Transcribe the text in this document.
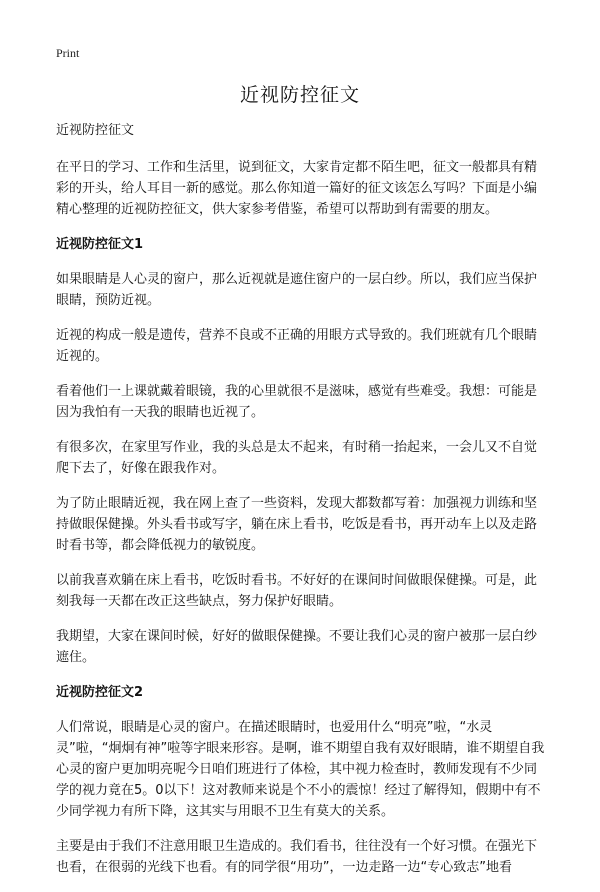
Print
近视防控征文
近视防控征文

在平日的学习、工作和生活里，说到征文，大家肯定都不陌生吧，征文一般都具有精彩的开头，给人耳目一新的感觉。那么你知道一篇好的征文该怎么写吗？下面是小编精心整理的近视防控征文，供大家参考借鉴，希望可以帮助到有需要的朋友。

近视防控征文1

如果眼睛是人心灵的窗户，那么近视就是遮住窗户的一层白纱。所以，我们应当保护眼睛，预防近视。

近视的构成一般是遗传，营养不良或不正确的用眼方式导致的。我们班就有几个眼睛近视的。

看着他们一上课就戴着眼镜，我的心里就很不是滋味，感觉有些难受。我想：可能是因为我怕有一天我的眼睛也近视了。

有很多次，在家里写作业，我的头总是太不起来，有时稍一抬起来，一会儿又不自觉爬下去了，好像在跟我作对。

为了防止眼睛近视，我在网上查了一些资料，发现大都数都写着：加强视力训练和坚持做眼保健操。外头看书或写字，躺在床上看书，吃饭是看书，再开动车上以及走路时看书等，都会降低视力的敏锐度。

以前我喜欢躺在床上看书，吃饭时看书。不好好的在课间时间做眼保健操。可是，此刻我每一天都在改正这些缺点，努力保护好眼睛。

我期望，大家在课间时候，好好的做眼保健操。不要让我们心灵的窗户被那一层白纱遮住。

近视防控征文2

人们常说，眼睛是心灵的窗户。在描述眼睛时，也爱用什么“明亮”啦，“水灵灵”啦，“炯炯有神”啦等字眼来形容。是啊，谁不期望自我有双好眼睛，谁不期望自我心灵的窗户更加明亮呢今日咱们班进行了体检，其中视力检查时，教师发现有不少同学的视力竟在5。0以下！这对教师来说是个不小的震惊！经过了解得知，假期中有不少同学视力有所下降，这其实与用眼不卫生有莫大的关系。

主要是由于我们不注意用眼卫生造成的。我们看书，往往没有一个好习惯。在强光下也看，在很弱的光线下也看。有的同学很“用功”，一边走路一边“专心致志”地看
